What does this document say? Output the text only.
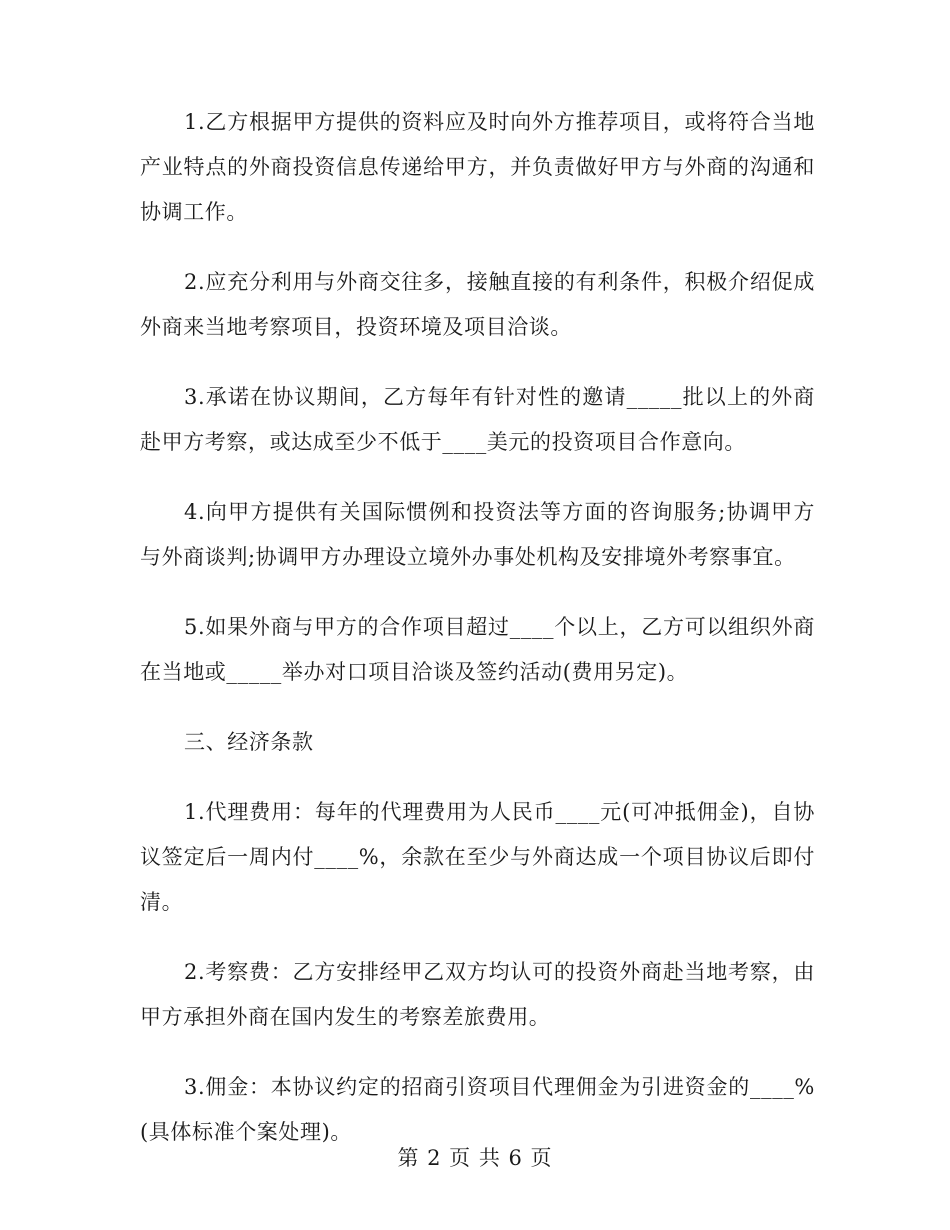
1.乙方根据甲方提供的资料应及时向外方推荐项目，或将符合当地产业特点的外商投资信息传递给甲方，并负责做好甲方与外商的沟通和协调工作。

2.应充分利用与外商交往多，接触直接的有利条件，积极介绍促成外商来当地考察项目，投资环境及项目洽谈。

3.承诺在协议期间，乙方每年有针对性的邀请_____批以上的外商赴甲方考察，或达成至少不低于____美元的投资项目合作意向。

4.向甲方提供有关国际惯例和投资法等方面的咨询服务;协调甲方与外商谈判;协调甲方办理设立境外办事处机构及安排境外考察事宜。

5.如果外商与甲方的合作项目超过____个以上，乙方可以组织外商在当地或_____举办对口项目洽谈及签约活动(费用另定)。

三、经济条款

1.代理费用：每年的代理费用为人民币____元(可冲抵佣金)，自协议签定后一周内付____%，余款在至少与外商达成一个项目协议后即付清。

2.考察费：乙方安排经甲乙双方均认可的投资外商赴当地考察，由甲方承担外商在国内发生的考察差旅费用。

3.佣金：本协议约定的招商引资项目代理佣金为引进资金的____%(具体标准个案处理)。

第 2 页 共 6 页
